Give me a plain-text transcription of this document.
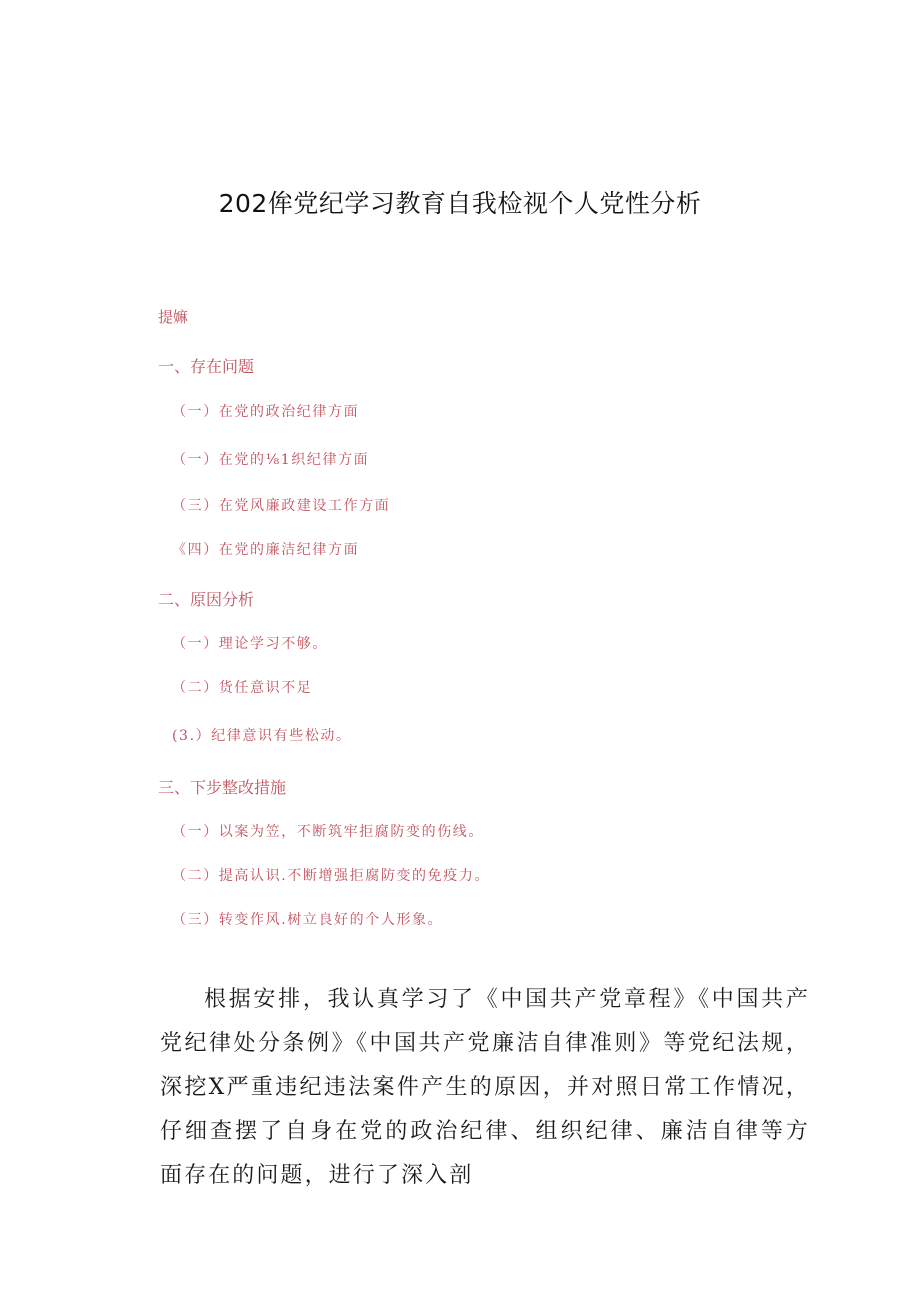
202侔党纪学习教育自我检视个人党性分析
提嫲
一、存在问题
（一）在党的政治纪律方面
（一）在党的⅛1织纪律方面
（三）在党风廉政建设工作方面
《四）在党的廉洁纪律方面
二、原因分析
（一）理论学习不够。
（二）货任意识不足
(3.）纪律意识有些松动。
三、下步整改措施
（一）以案为笠，不断筑牢拒腐防变的伤线。
（二）提高认识.不断增强拒腐防变的免疫力。
（三）转变作风.树立良好的个人形象。
根据安排，我认真学习了《中国共产党章程》《中国共产党纪律处分条例》《中国共产党廉洁自律准则》等党纪法规，深挖X严重违纪违法案件产生的原因，并对照日常工作情况，仔细查摆了自身在党的政治纪律、组织纪律、廉洁自律等方面存在的问题，进行了深入剖
